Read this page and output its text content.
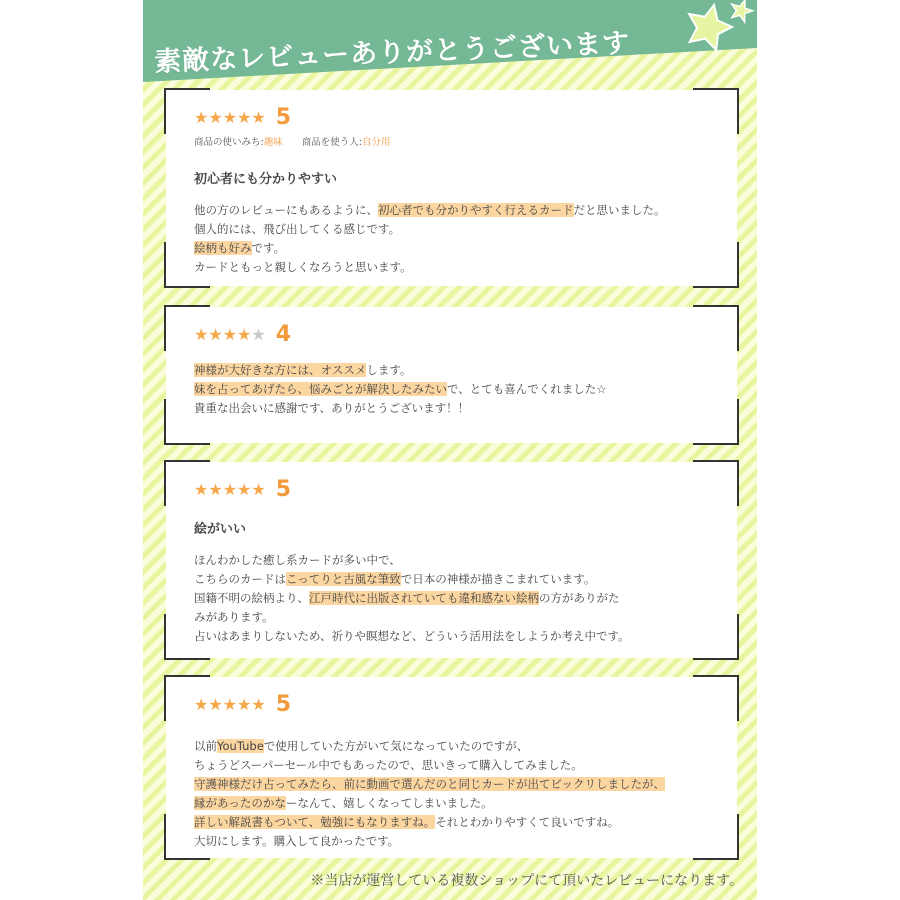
素敵なレビューありがとうございます
★★★★★ 5
商品の使いみち:趣味 商品を使う人:自分用
初心者にも分かりやすい
他の方のレビューにもあるように、初心者でも分かりやすく行えるカードだと思いました。
個人的には、飛び出してくる感じです。
絵柄も好みです。
カードともっと親しくなろうと思います。
★★★★★ 4
神様が大好きな方には、オススメします。
妹を占ってあげたら、悩みごとが解決したみたいで、とても喜んでくれました☆
貴重な出会いに感謝です、ありがとうございます！！
★★★★★ 5
絵がいい
ほんわかした癒し系カードが多い中で、
こちらのカードはこってりと古風な筆致で日本の神様が描きこまれています。
国籍不明の絵柄より、江戸時代に出版されていても違和感ない絵柄の方がありがた
みがあります。
占いはあまりしないため、祈りや瞑想など、どういう活用法をしようか考え中です。
★★★★★ 5
以前YouTubeで使用していた方がいて気になっていたのですが、
ちょうどスーパーセール中でもあったので、思いきって購入してみました。
守護神様だけ占ってみたら、前に動画で選んだのと同じカードが出てビックリしましたが、
縁があったのかなーなんて、嬉しくなってしまいました。
詳しい解説書もついて、勉強にもなりますね。それとわかりやすくて良いですね。
大切にします。購入して良かったです。

※当店が運営している複数ショップにて頂いたレビューになります。
